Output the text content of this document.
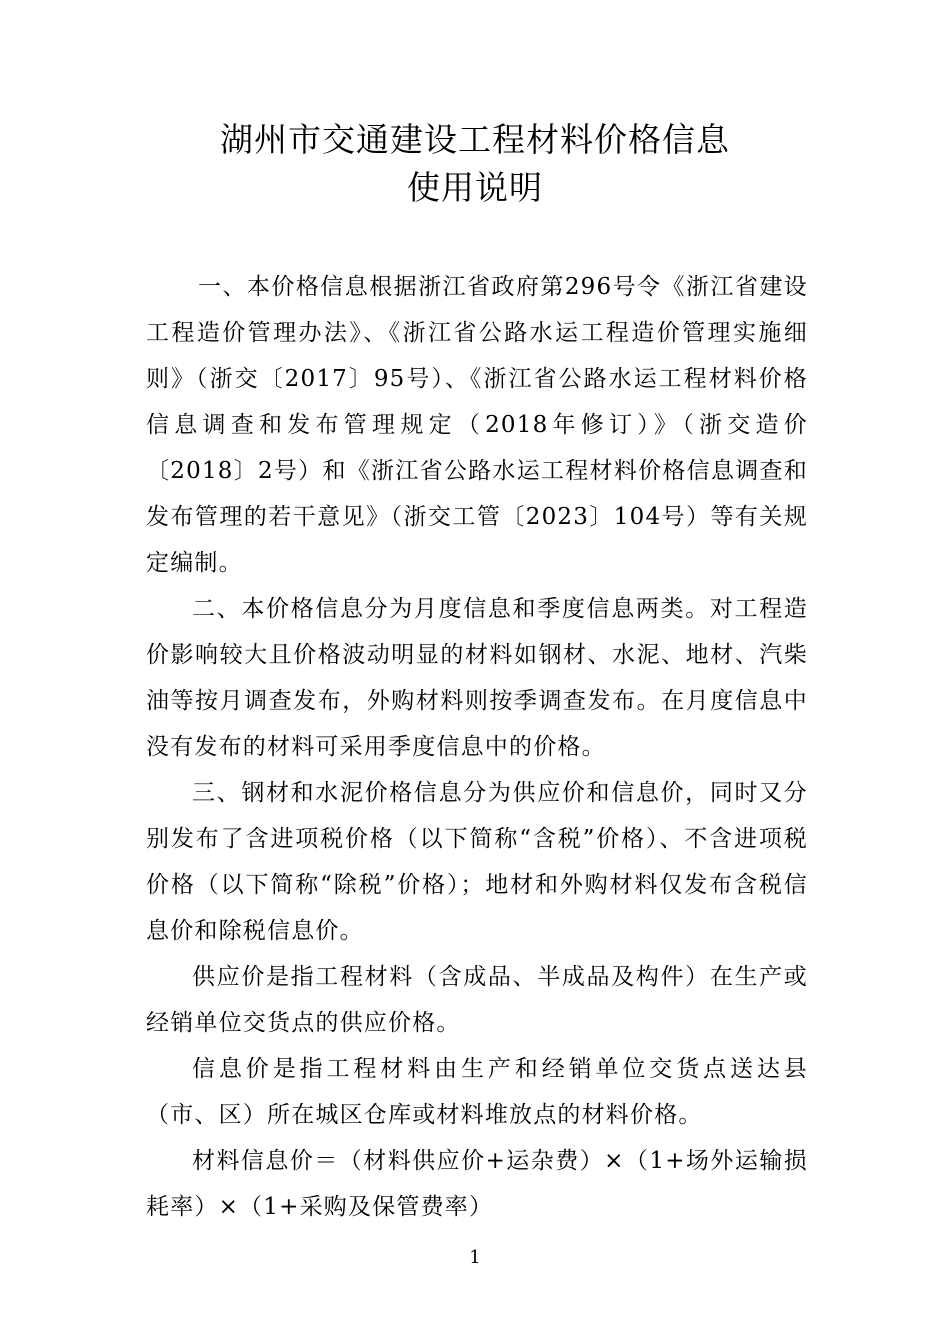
湖州市交通建设工程材料价格信息
使用说明

一、本价格信息根据浙江省政府第296号令《浙江省建设工程造价管理办法》、《浙江省公路水运工程造价管理实施细则》（浙交〔2017〕95号）、《浙江省公路水运工程材料价格信息调查和发布管理规定（2018年修订）》（浙交造价〔2018〕2号）和《浙江省公路水运工程材料价格信息调查和发布管理的若干意见》（浙交工管〔2023〕104号）等有关规定编制。

二、本价格信息分为月度信息和季度信息两类。对工程造价影响较大且价格波动明显的材料如钢材、水泥、地材、汽柴油等按月调查发布，外购材料则按季调查发布。在月度信息中没有发布的材料可采用季度信息中的价格。

三、钢材和水泥价格信息分为供应价和信息价，同时又分别发布了含进项税价格（以下简称“含税”价格）、不含进项税价格（以下简称“除税”价格）；地材和外购材料仅发布含税信息价和除税信息价。

供应价是指工程材料（含成品、半成品及构件）在生产或经销单位交货点的供应价格。

信息价是指工程材料由生产和经销单位交货点送达县（市、区）所在城区仓库或材料堆放点的材料价格。

材料信息价＝（材料供应价+运杂费）×（1+场外运输损耗率）×（1+采购及保管费率）

1
